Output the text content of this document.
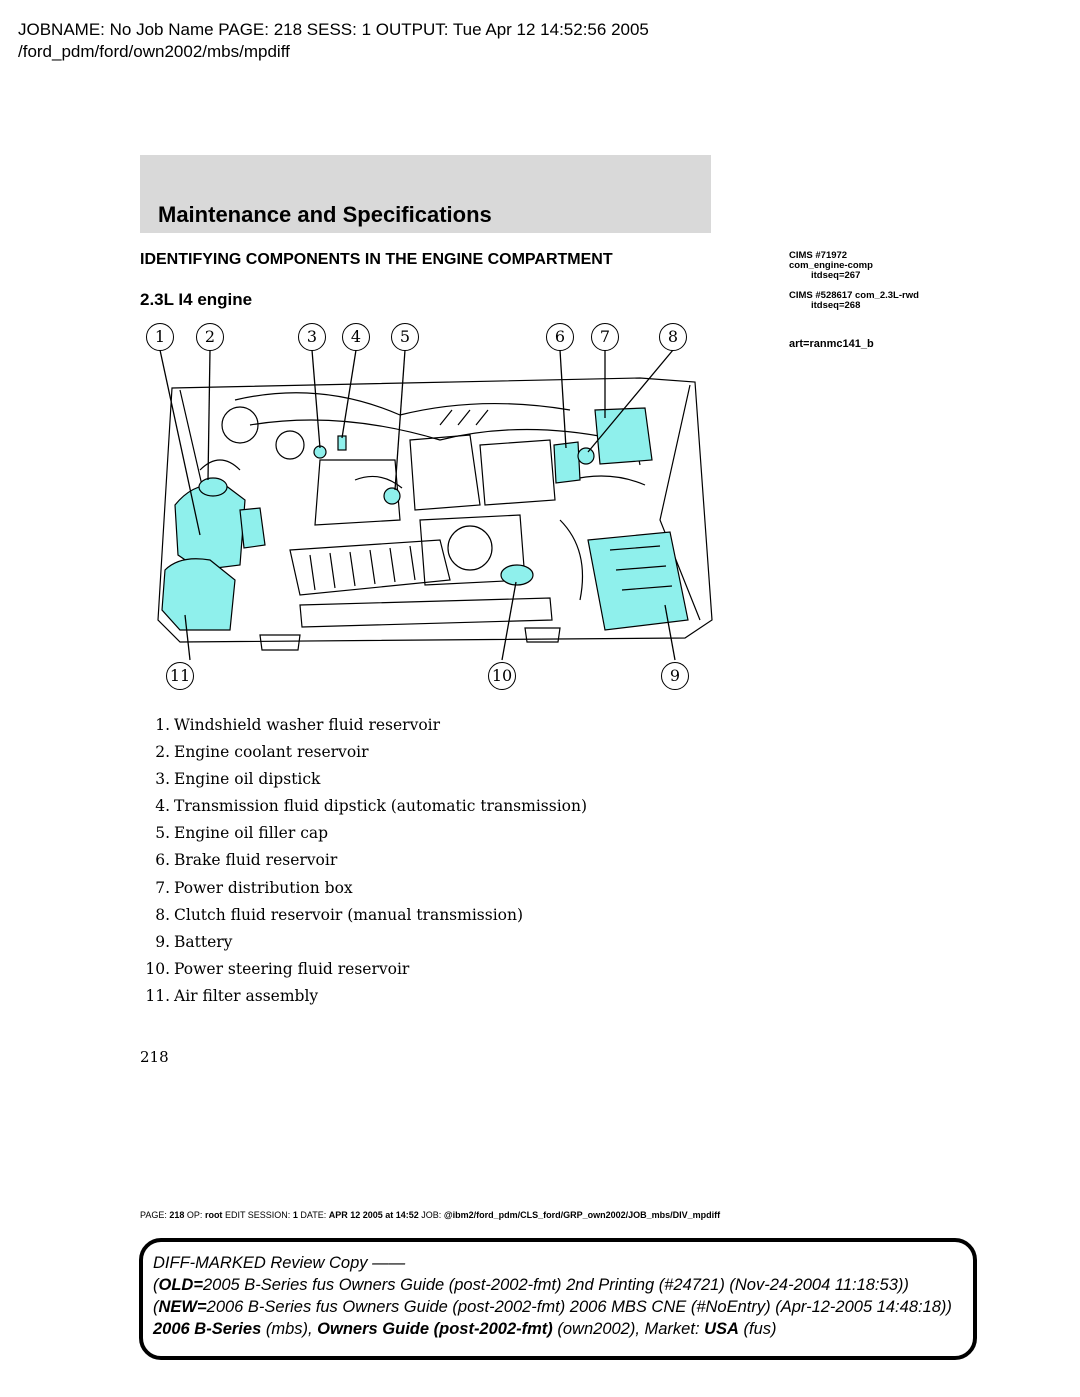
JOBNAME: No Job Name PAGE: 218 SESS: 1 OUTPUT: Tue Apr 12 14:52:56 2005
/ford_pdm/ford/own2002/mbs/mpdiff
Maintenance and Specifications
IDENTIFYING COMPONENTS IN THE ENGINE COMPARTMENT
2.3L I4 engine
CIMS #71972
com_engine-comp
itdseq=267
CIMS #528617 com_2.3L-rwd
itdseq=268
art=ranmc141_b
1	2	3	4	5	6	7	8
9
10
11
1. Windshield washer fluid reservoir
2. Engine coolant reservoir
3. Engine oil dipstick
4. Transmission fluid dipstick (automatic transmission)
5. Engine oil filler cap
6. Brake fluid reservoir
7. Power distribution box
8. Clutch fluid reservoir (manual transmission)
9. Battery
10. Power steering fluid reservoir
11. Air filter assembly
218
PAGE: 218 OP: root EDIT SESSION: 1 DATE: APR 12 2005 at 14:52 JOB: @ibm2/ford_pdm/CLS_ford/GRP_own2002/JOB_mbs/DIV_mpdiff
DIFF-MARKED Review Copy ——
(OLD=2005 B-Series fus Owners Guide (post-2002-fmt) 2nd Printing (#24721) (Nov-24-2004 11:18:53))
(NEW=2006 B-Series fus Owners Guide (post-2002-fmt) 2006 MBS CNE (#NoEntry) (Apr-12-2005 14:48:18))
2006 B-Series (mbs), Owners Guide (post-2002-fmt) (own2002), Market: USA (fus)
